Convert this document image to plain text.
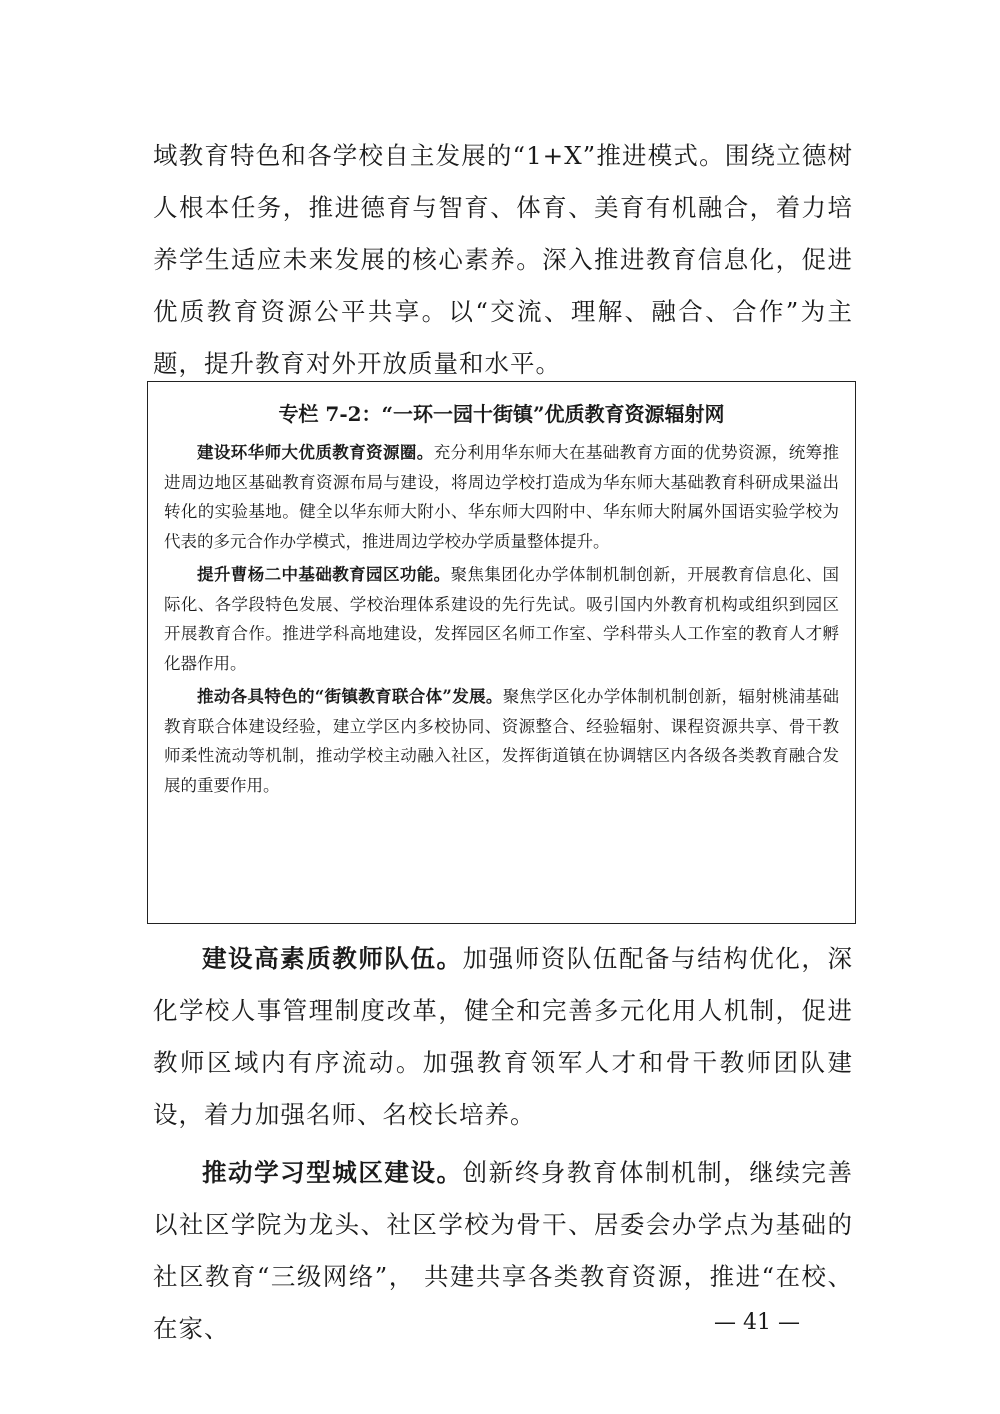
域教育特色和各学校自主发展的“1+X”推进模式。围绕立德树人根本任务，推进德育与智育、体育、美育有机融合，着力培养学生适应未来发展的核心素养。深入推进教育信息化，促进优质教育资源公平共享。以“交流、理解、融合、合作”为主题，提升教育对外开放质量和水平。

专栏 7-2：“一环一园十街镇”优质教育资源辐射网

建设环华师大优质教育资源圈。充分利用华东师大在基础教育方面的优势资源，统筹推进周边地区基础教育资源布局与建设，将周边学校打造成为华东师大基础教育科研成果溢出转化的实验基地。健全以华东师大附小、华东师大四附中、华东师大附属外国语实验学校为代表的多元合作办学模式，推进周边学校办学质量整体提升。

提升曹杨二中基础教育园区功能。聚焦集团化办学体制机制创新，开展教育信息化、国际化、各学段特色发展、学校治理体系建设的先行先试。吸引国内外教育机构或组织到园区开展教育合作。推进学科高地建设，发挥园区名师工作室、学科带头人工作室的教育人才孵化器作用。

推动各具特色的“街镇教育联合体”发展。聚焦学区化办学体制机制创新，辐射桃浦基础教育联合体建设经验，建立学区内多校协同、资源整合、经验辐射、课程资源共享、骨干教师柔性流动等机制，推动学校主动融入社区，发挥街道镇在协调辖区内各级各类教育融合发展的重要作用。

建设高素质教师队伍。加强师资队伍配备与结构优化，深化学校人事管理制度改革，健全和完善多元化用人机制，促进教师区域内有序流动。加强教育领军人才和骨干教师团队建设，着力加强名师、名校长培养。

推动学习型城区建设。创新终身教育体制机制，继续完善以社区学院为龙头、社区学校为骨干、居委会办学点为基础的社区教育“三级网络”， 共建共享各类教育资源，推进“在校、在家、	— 41 —
